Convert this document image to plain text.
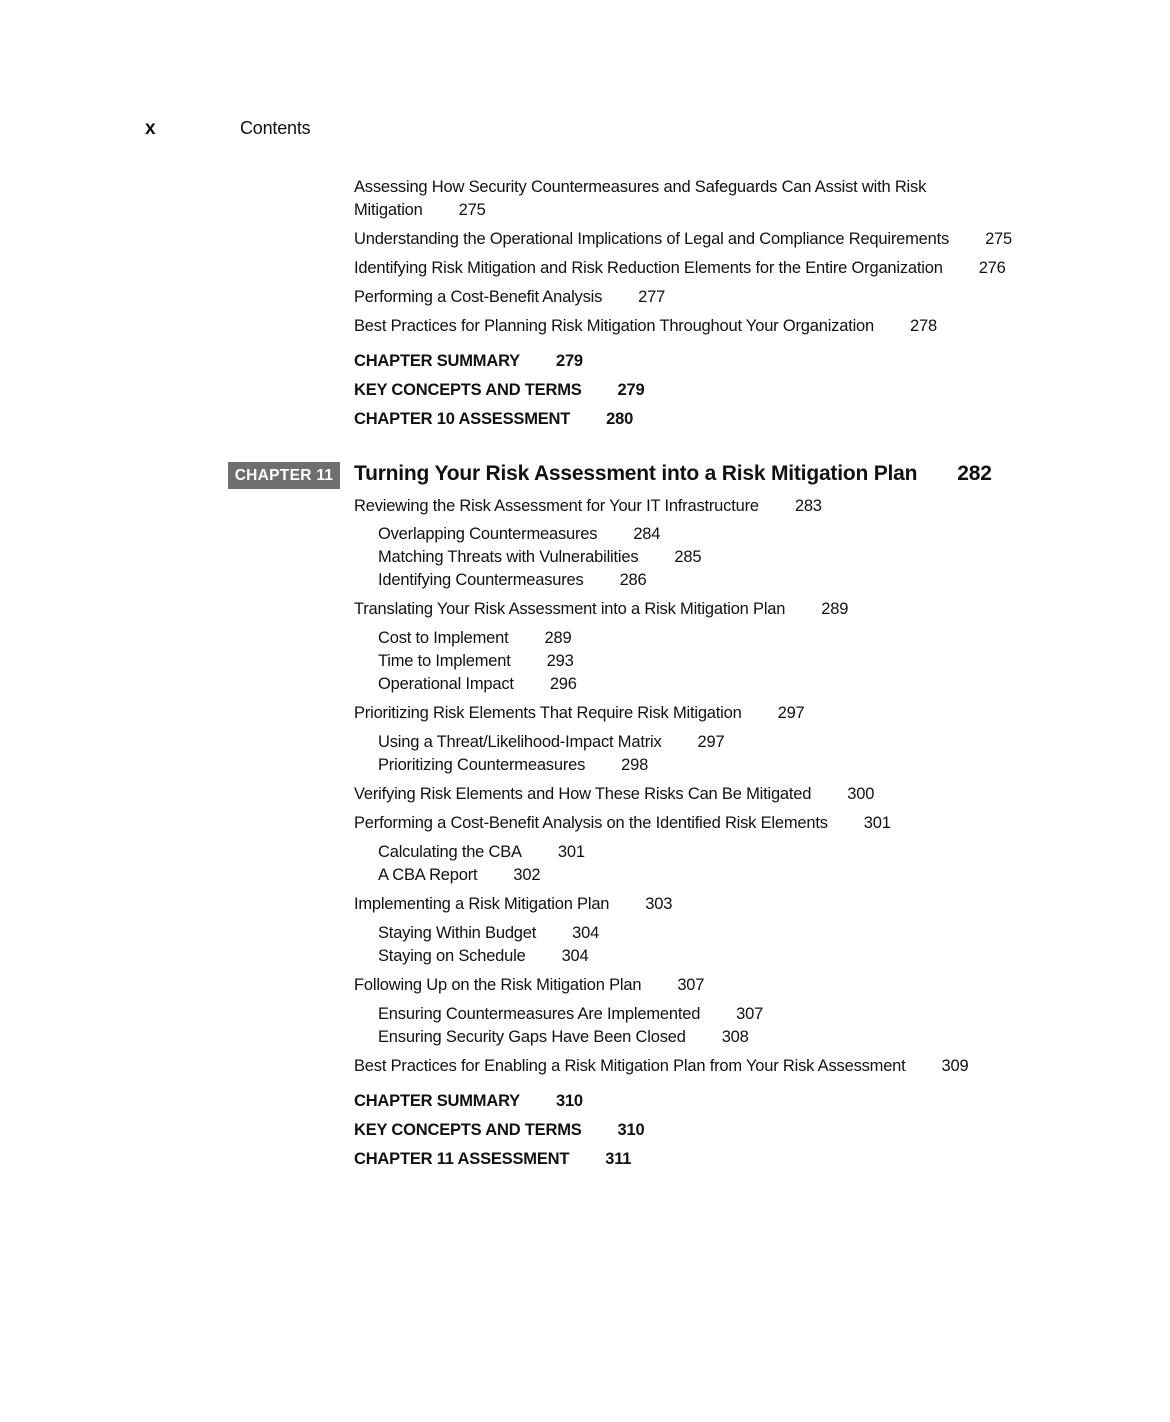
x	Contents
Assessing How Security Countermeasures and Safeguards Can Assist with Risk
Mitigation 275
Understanding the Operational Implications of Legal and Compliance Requirements 275
Identifying Risk Mitigation and Risk Reduction Elements for the Entire Organization 276
Performing a Cost-Benefit Analysis 277
Best Practices for Planning Risk Mitigation Throughout Your Organization 278
CHAPTER SUMMARY 279
KEY CONCEPTS AND TERMS 279
CHAPTER 10 ASSESSMENT 280
CHAPTER 11 Turning Your Risk Assessment into a Risk Mitigation Plan 282
Reviewing the Risk Assessment for Your IT Infrastructure 283
Overlapping Countermeasures 284
Matching Threats with Vulnerabilities 285
Identifying Countermeasures 286
Translating Your Risk Assessment into a Risk Mitigation Plan 289
Cost to Implement 289
Time to Implement 293
Operational Impact 296
Prioritizing Risk Elements That Require Risk Mitigation 297
Using a Threat/Likelihood-Impact Matrix 297
Prioritizing Countermeasures 298
Verifying Risk Elements and How These Risks Can Be Mitigated 300
Performing a Cost-Benefit Analysis on the Identified Risk Elements 301
Calculating the CBA 301
A CBA Report 302
Implementing a Risk Mitigation Plan 303
Staying Within Budget 304
Staying on Schedule 304
Following Up on the Risk Mitigation Plan 307
Ensuring Countermeasures Are Implemented 307
Ensuring Security Gaps Have Been Closed 308
Best Practices for Enabling a Risk Mitigation Plan from Your Risk Assessment 309
CHAPTER SUMMARY 310
KEY CONCEPTS AND TERMS 310
CHAPTER 11 ASSESSMENT 311
